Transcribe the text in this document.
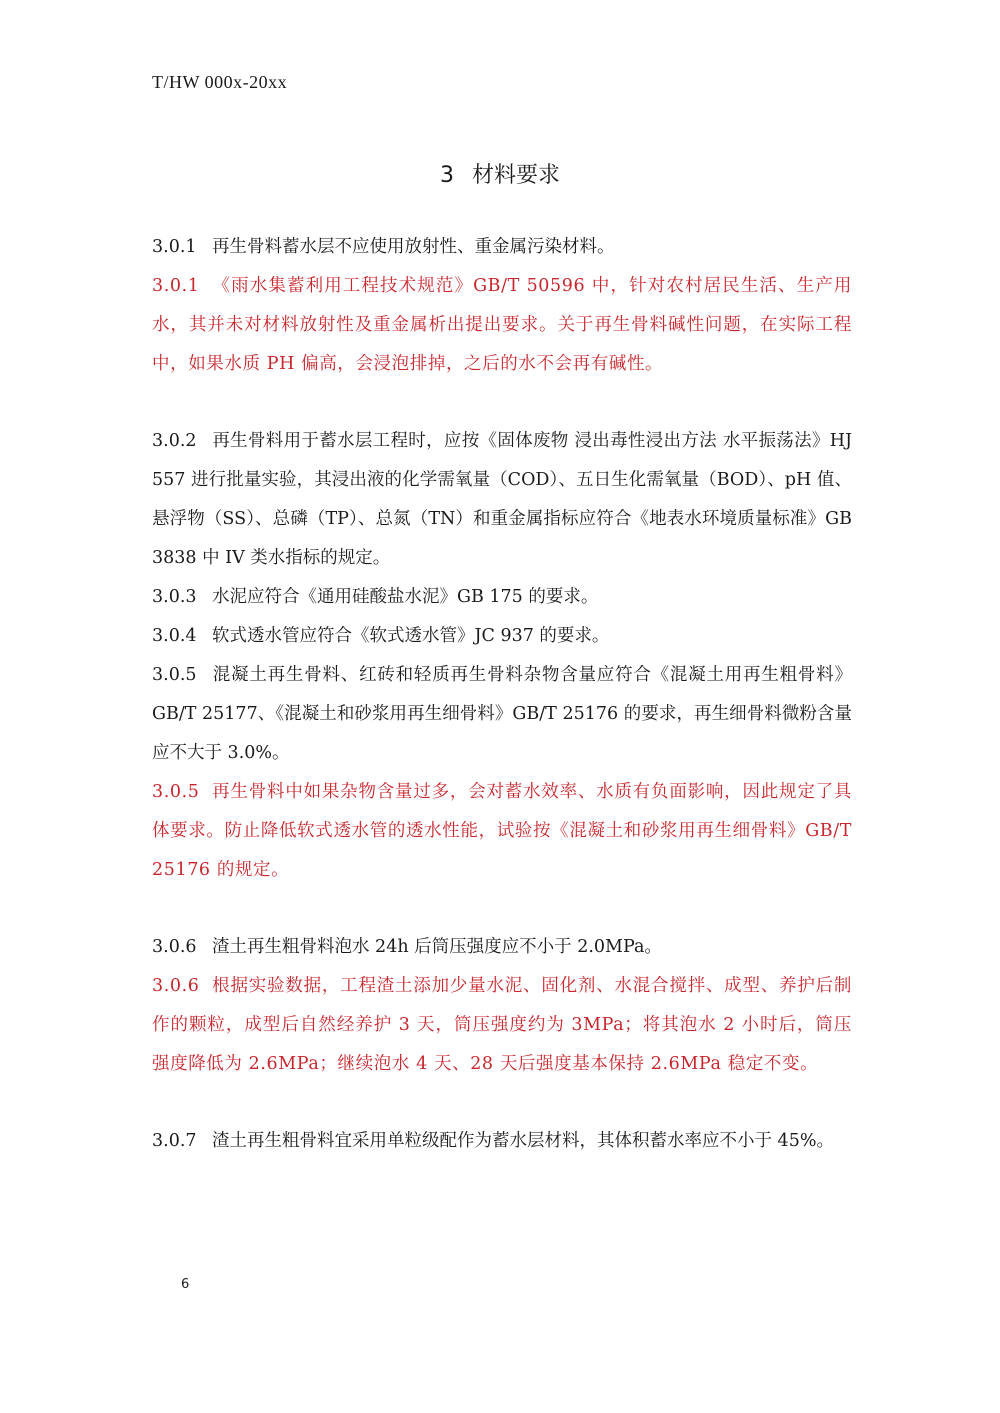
T/HW 000x-20xx
3 材料要求

3.0.1 再生骨料蓄水层不应使用放射性、重金属污染材料。

3.0.1 《雨水集蓄利用工程技术规范》GB/T 50596 中，针对农村居民生活、生产用水，其并未对材料放射性及重金属析出提出要求。关于再生骨料碱性问题，在实际工程中，如果水质 PH 偏高，会浸泡排掉，之后的水不会再有碱性。

3.0.2 再生骨料用于蓄水层工程时，应按《固体废物 浸出毒性浸出方法 水平振荡法》HJ 557 进行批量实验，其浸出液的化学需氧量（COD）、五日生化需氧量（BOD）、pH 值、悬浮物（SS）、总磷（TP）、总氮（TN）和重金属指标应符合《地表水环境质量标准》GB 3838 中 IV 类水指标的规定。

3.0.3 水泥应符合《通用硅酸盐水泥》GB 175 的要求。

3.0.4 软式透水管应符合《软式透水管》JC 937 的要求。

3.0.5 混凝土再生骨料、红砖和轻质再生骨料杂物含量应符合《混凝土用再生粗骨料》GB/T 25177、《混凝土和砂浆用再生细骨料》GB/T 25176 的要求，再生细骨料微粉含量应不大于 3.0%。

3.0.5 再生骨料中如果杂物含量过多，会对蓄水效率、水质有负面影响，因此规定了具体要求。防止降低软式透水管的透水性能，试验按《混凝土和砂浆用再生细骨料》GB/T 25176 的规定。

3.0.6 渣土再生粗骨料泡水 24h 后筒压强度应不小于 2.0MPa。

3.0.6 根据实验数据，工程渣土添加少量水泥、固化剂、水混合搅拌、成型、养护后制作的颗粒，成型后自然经养护 3 天，筒压强度约为 3MPa；将其泡水 2 小时后，筒压强度降低为 2.6MPa；继续泡水 4 天、28 天后强度基本保持 2.6MPa 稳定不变。

3.0.7 渣土再生粗骨料宜采用单粒级配作为蓄水层材料，其体积蓄水率应不小于 45%。

6
